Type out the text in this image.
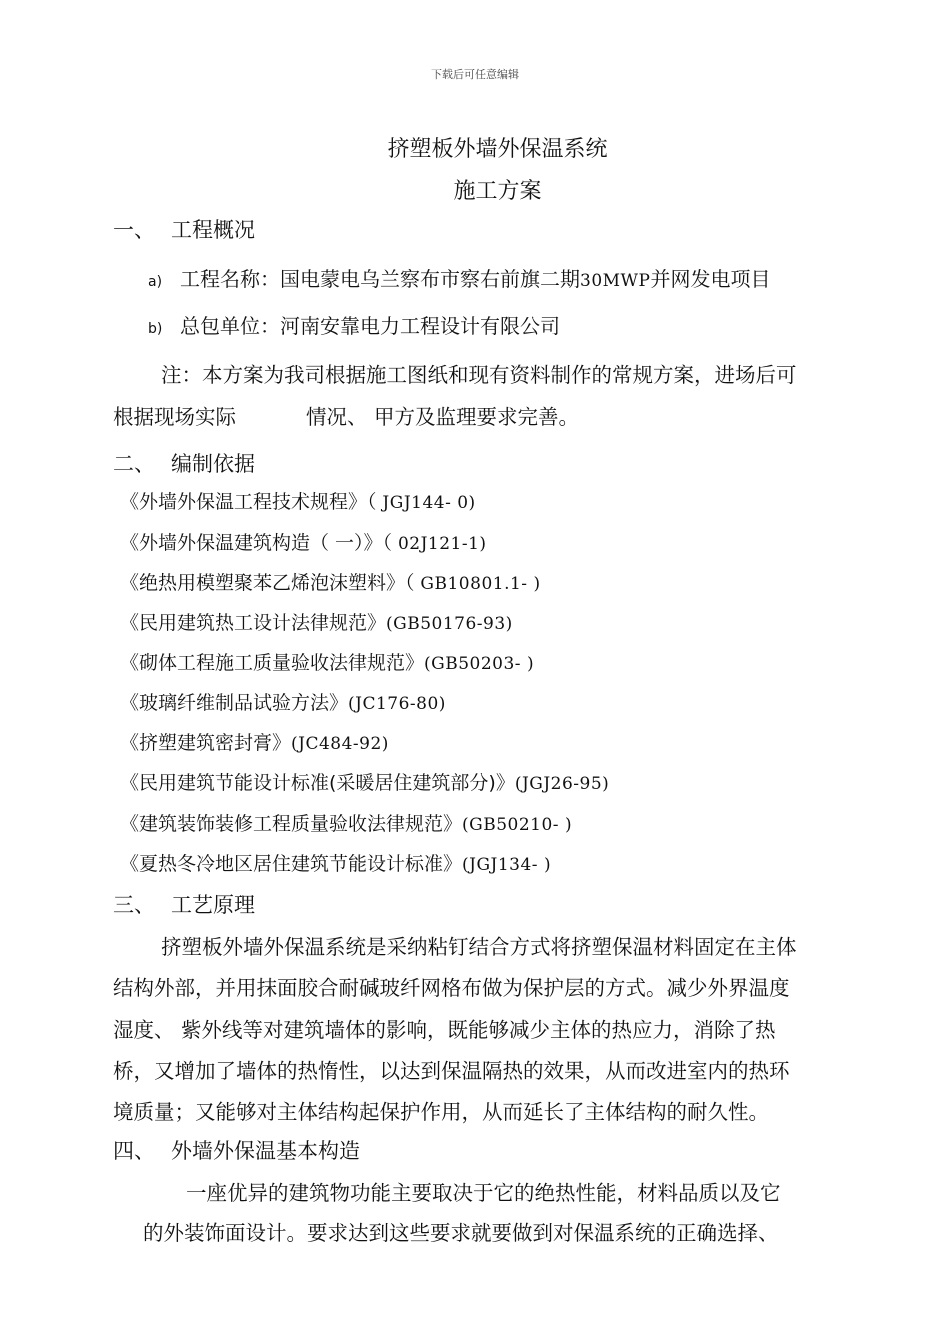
下载后可任意编辑
挤塑板外墙外保温系统
施工方案
一、 工程概况
a) 工程名称：国电蒙电乌兰察布市察右前旗二期30MWP并网发电项目
b) 总包单位：河南安靠电力工程设计有限公司
注：本方案为我司根据施工图纸和现有资料制作的常规方案，进场后可
根据现场实际	情况、 甲方及监理要求完善。
二、 编制依据
《外墙外保温工程技术规程》（ JGJ144- 0)
《外墙外保温建筑构造（ 一）》（ 02J121-1)
《绝热用模塑聚苯乙烯泡沫塑料》（ GB10801.1- )
《民用建筑热工设计法律规范》(GB50176-93)
《砌体工程施工质量验收法律规范》(GB50203- )
《玻璃纤维制品试验方法》(JC176-80)
《挤塑建筑密封膏》(JC484-92)
《民用建筑节能设计标准(采暖居住建筑部分)》(JGJ26-95)
《建筑装饰装修工程质量验收法律规范》(GB50210- )
《夏热冬冷地区居住建筑节能设计标准》(JGJ134- )
三、 工艺原理
挤塑板外墙外保温系统是采纳粘钉结合方式将挤塑保温材料固定在主体
结构外部，并用抹面胶合耐碱玻纤网格布做为保护层的方式。减少外界温度
湿度、 紫外线等对建筑墙体的影响，既能够减少主体的热应力，消除了热
桥，又增加了墙体的热惰性，以达到保温隔热的效果，从而改进室内的热环
境质量；又能够对主体结构起保护作用，从而延长了主体结构的耐久性。
四、 外墙外保温基本构造
一座优异的建筑物功能主要取决于它的绝热性能，材料品质以及它
的外装饰面设计。要求达到这些要求就要做到对保温系统的正确选择、
